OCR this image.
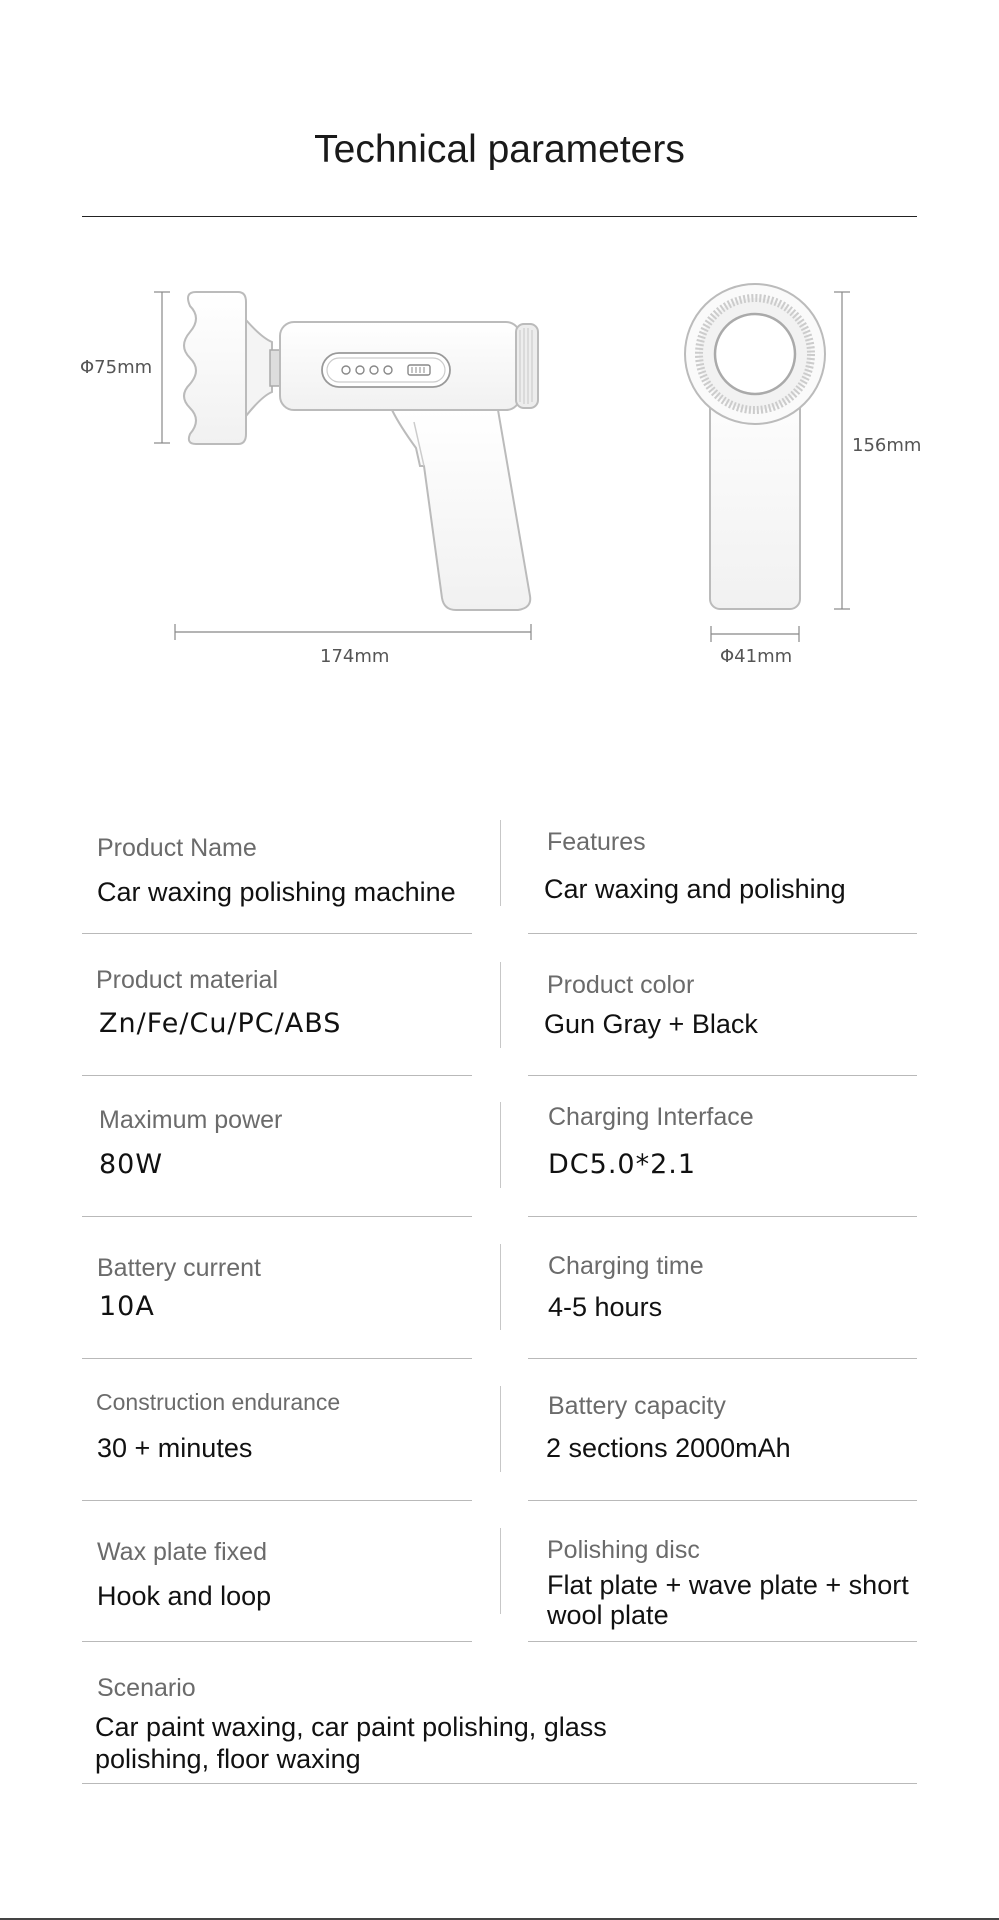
Technical parameters
Φ75mm
174mm
156mm
Φ41mm
Product Name
Car waxing polishing machine
Features
Car waxing and polishing
Product material
Zn/Fe/Cu/PC/ABS
Product color
Gun Gray + Black
Maximum power
80W
Charging Interface
DC5.0*2.1
Battery current
10A
Charging time
4-5 hours
Construction endurance
30 + minutes
Battery capacity
2 sections 2000mAh
Wax plate fixed
Hook and loop
Polishing disc
Flat plate + wave plate + short wool plate
Scenario
Car paint waxing, car paint polishing, glass polishing, floor waxing
